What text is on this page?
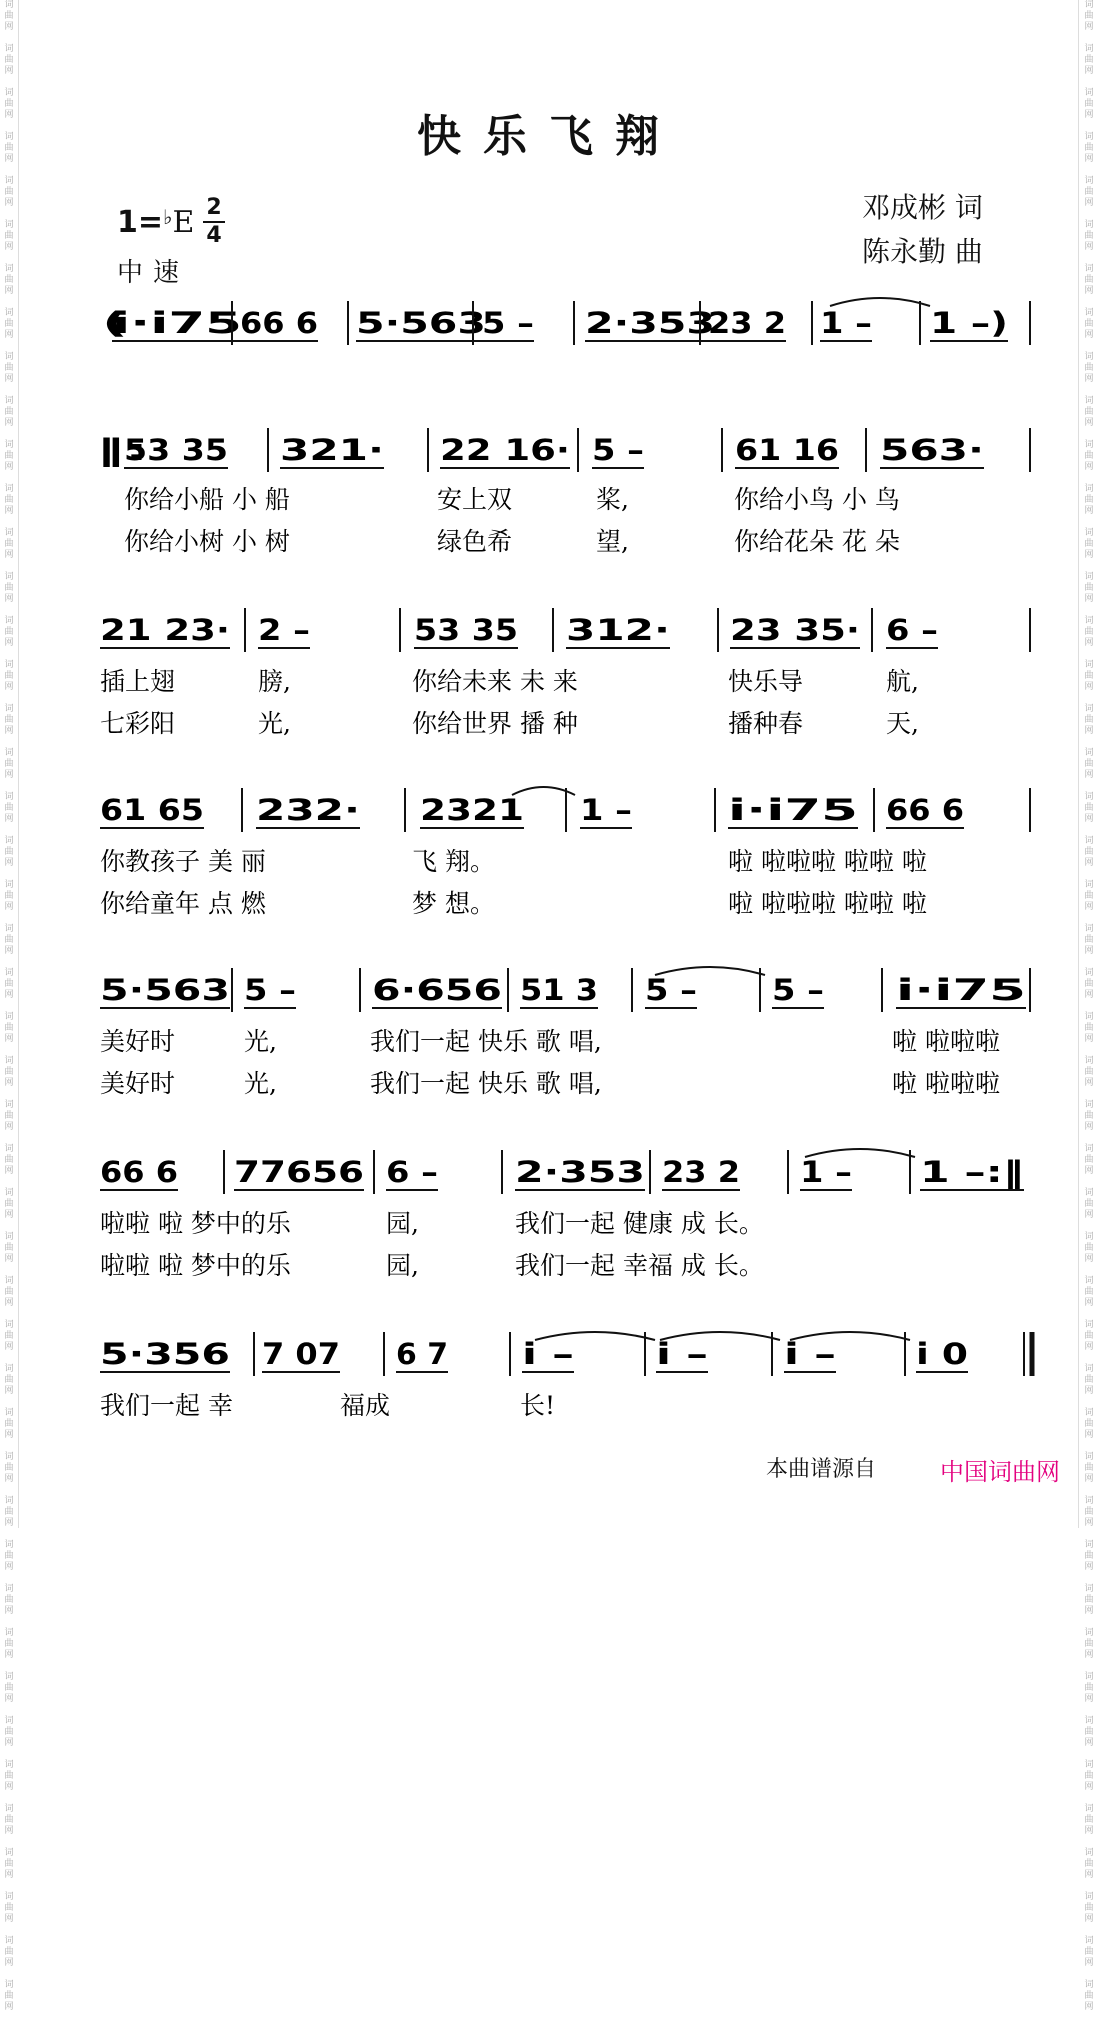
词
曲
网

词
曲
网

词
曲
网

词
曲
网

词
曲
网

词
曲
网

词
曲
网

词
曲
网

词
曲
网

词
曲
网

词
曲
网

词
曲
网

词
曲
网

词
曲
网

词
曲
网

词
曲
网

词
曲
网

词
曲
网

词
曲
网

词
曲
网

词
曲
网

词
曲
网

词
曲
网

词
曲
网

词
曲
网

词
曲
网

词
曲
网

词
曲
网

词
曲
网

词
曲
网

词
曲
网

词
曲
网

词
曲
网

词
曲
网

词
曲
网

词
曲
网

词
曲
网

词
曲
网

词
曲
网

词
曲
网

词
曲
网

词
曲
网

词
曲
网

词
曲
网

词
曲
网

词
曲
网

词
曲
网

词
曲
网

词
曲
网

词
曲
网

词
曲
网

词
曲
网

词
曲
网

词
曲
网

词
曲
网

词
曲
网

词
曲
网

词
曲
网

词
曲
网

词
曲
网

词
曲
网

词
曲
网

词
曲
网

词
曲
网

词
曲
网

词
曲
网

词
曲
网

词
曲
网

词
曲
网

词
曲
网

词
曲
网

词
曲
网

词
曲
网

词
曲
网

词
曲
网

词
曲
网

词
曲
网

词
曲
网

词
曲
网

词
曲
网

词
曲
网

词
曲
网

词
曲
网

词
曲
网

词
曲
网

词
曲
网

词
曲
网

词
曲
网

词
曲
网

词
曲
网

词
曲
网

词
曲
网

快乐飞翔
1=♭E 2
4
中速
邓成彬 词
陈永勤 曲
(
i·i75
66 6 5·563
5 – 2·353
23 2 1 – 1 –)
‖:
53 35 321· 22 16· 5 –	61 16 563·
你给小船 小 船	安上双	桨,	你给小鸟 小 鸟
你给小树 小 树	绿色希	望,	你给花朵 花 朵
21 23· 2 –	53 35 312· 23 35· 6 –
插上翅	膀,	你给未来 未 来	快乐导	航,
七彩阳	光,	你给世界 播 种	播种春	天,
61 65 232· 2321 1 –	i·i75 66 6
你教孩子 美 丽	飞 翔。	啦 啦啦啦 啦啦 啦
你给童年 点 燃	梦 想。	啦 啦啦啦 啦啦 啦
5·563 5 –	6·656 51 3 5 –	5 – i·i75
美好时	光,	我们一起 快乐 歌 唱,	啦 啦啦啦
美好时	光,	我们一起 快乐 歌 唱,	啦 啦啦啦
66 6 77656 6 –	2·353 23 2 1 – 1 –:‖
啦啦 啦 梦中的乐	园,	我们一起 健康 成 长。
啦啦 啦 梦中的乐	园,	我们一起 幸福 成 长。
5·356 7 07 6 7	i –	i –	i –	i 0
我们一起 幸	福成	长!
本曲谱源自	中国词曲网
